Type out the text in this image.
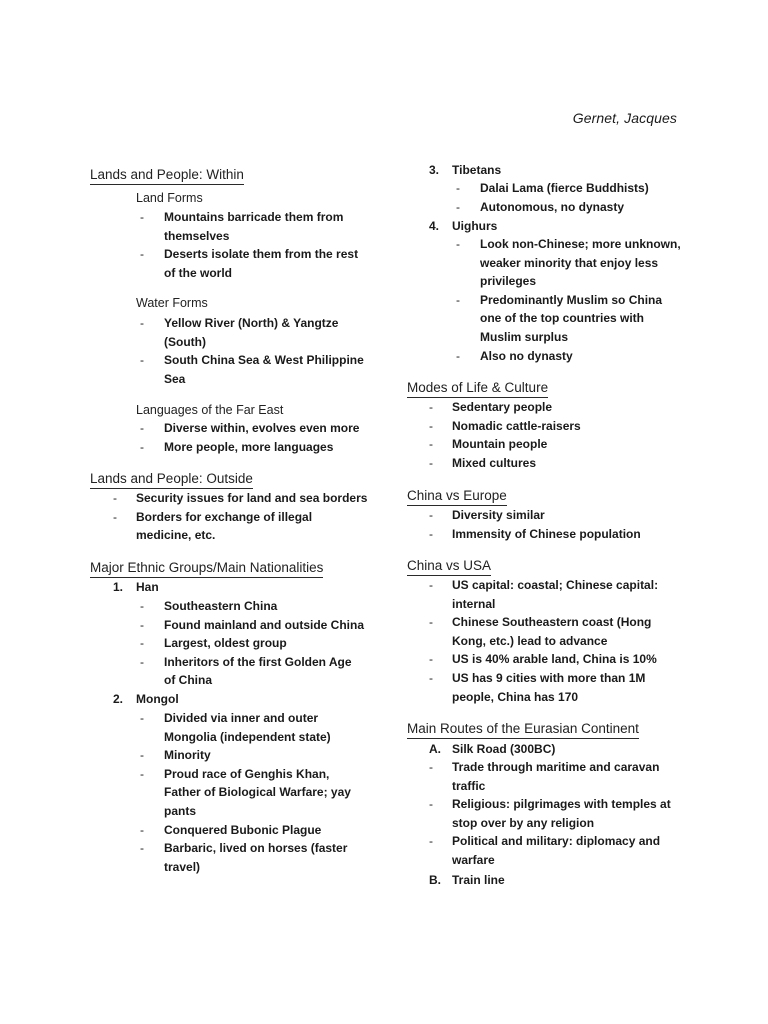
Gernet, Jacques
Lands and People: Within
Land Forms
- Mountains barricade them from
themselves
- Deserts isolate them from the rest
of the world
Water Forms
- Yellow River (North) & Yangtze
(South)
- South China Sea & West Philippine
Sea
Languages of the Far East
- Diverse within, evolves even more
- More people, more languages
Lands and People: Outside
- Security issues for land and sea borders
- Borders for exchange of illegal
medicine, etc.
Major Ethnic Groups/Main Nationalities
1. Han
- Southeastern China
- Found mainland and outside China
- Largest, oldest group
- Inheritors of the first Golden Age
of China
2. Mongol
- Divided via inner and outer
Mongolia (independent state)
- Minority
- Proud race of Genghis Khan,
Father of Biological Warfare; yay
pants
- Conquered Bubonic Plague
- Barbaric, lived on horses (faster
travel)
3. Tibetans
- Dalai Lama (fierce Buddhists)
- Autonomous, no dynasty
4. Uighurs
- Look non-Chinese; more unknown,
weaker minority that enjoy less
privileges
- Predominantly Muslim so China
one of the top countries with
Muslim surplus
- Also no dynasty
Modes of Life & Culture
- Sedentary people
- Nomadic cattle-raisers
- Mountain people
- Mixed cultures
China vs Europe
- Diversity similar
- Immensity of Chinese population
China vs USA
- US capital: coastal; Chinese capital:
internal
- Chinese Southeastern coast (Hong
Kong, etc.) lead to advance
- US is 40% arable land, China is 10%
- US has 9 cities with more than 1M
people, China has 170
Main Routes of the Eurasian Continent
A. Silk Road (300BC)
- Trade through maritime and caravan
traffic
- Religious: pilgrimages with temples at
stop over by any religion
- Political and military: diplomacy and
warfare
B. Train line
